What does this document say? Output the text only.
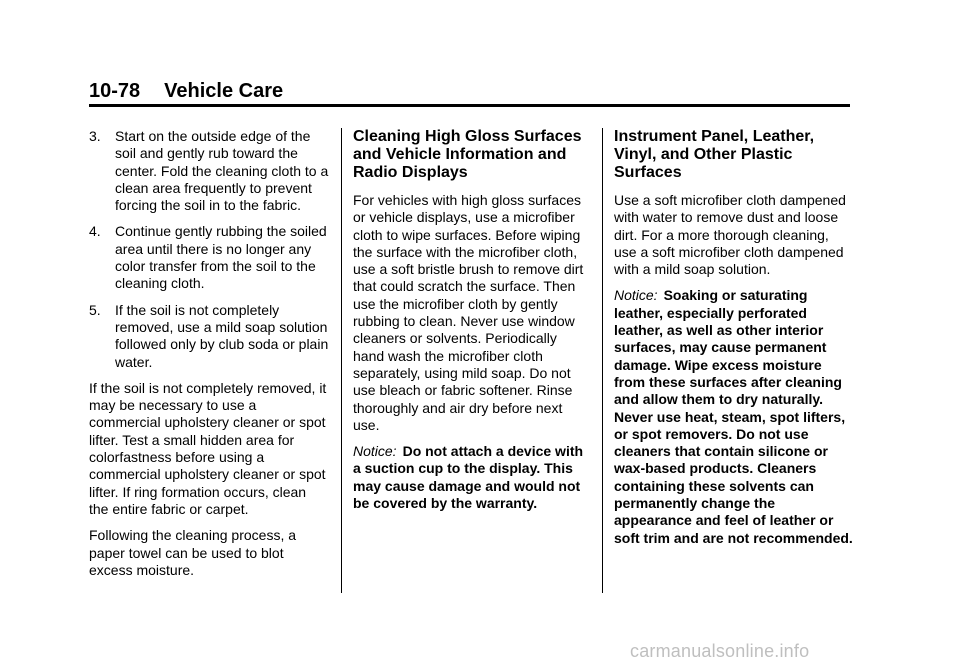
10-78 Vehicle Care
3. Start on the outside edge of the soil and gently rub toward the center. Fold the cleaning cloth to a clean area frequently to prevent forcing the soil in to the fabric.
4. Continue gently rubbing the soiled area until there is no longer any color transfer from the soil to the cleaning cloth.
5. If the soil is not completely removed, use a mild soap solution followed only by club soda or plain water.

If the soil is not completely removed, it may be necessary to use a commercial upholstery cleaner or spot lifter. Test a small hidden area for colorfastness before using a commercial upholstery cleaner or spot lifter. If ring formation occurs, clean the entire fabric or carpet.

Following the cleaning process, a paper towel can be used to blot excess moisture.

Cleaning High Gloss Surfaces and Vehicle Information and Radio Displays

For vehicles with high gloss surfaces or vehicle displays, use a microfiber cloth to wipe surfaces. Before wiping the surface with the microfiber cloth, use a soft bristle brush to remove dirt that could scratch the surface. Then use the microfiber cloth by gently rubbing to clean. Never use window cleaners or solvents. Periodically hand wash the microfiber cloth separately, using mild soap. Do not use bleach or fabric softener. Rinse thoroughly and air dry before next use.

Notice: Do not attach a device with a suction cup to the display. This may cause damage and would not be covered by the warranty.

Instrument Panel, Leather, Vinyl, and Other Plastic Surfaces

Use a soft microfiber cloth dampened with water to remove dust and loose dirt. For a more thorough cleaning, use a soft microfiber cloth dampened with a mild soap solution.

Notice: Soaking or saturating leather, especially perforated leather, as well as other interior surfaces, may cause permanent damage. Wipe excess moisture from these surfaces after cleaning and allow them to dry naturally. Never use heat, steam, spot lifters, or spot removers. Do not use cleaners that contain silicone or wax-based products. Cleaners containing these solvents can permanently change the appearance and feel of leather or soft trim and are not recommended.

carmanualsonline.info
